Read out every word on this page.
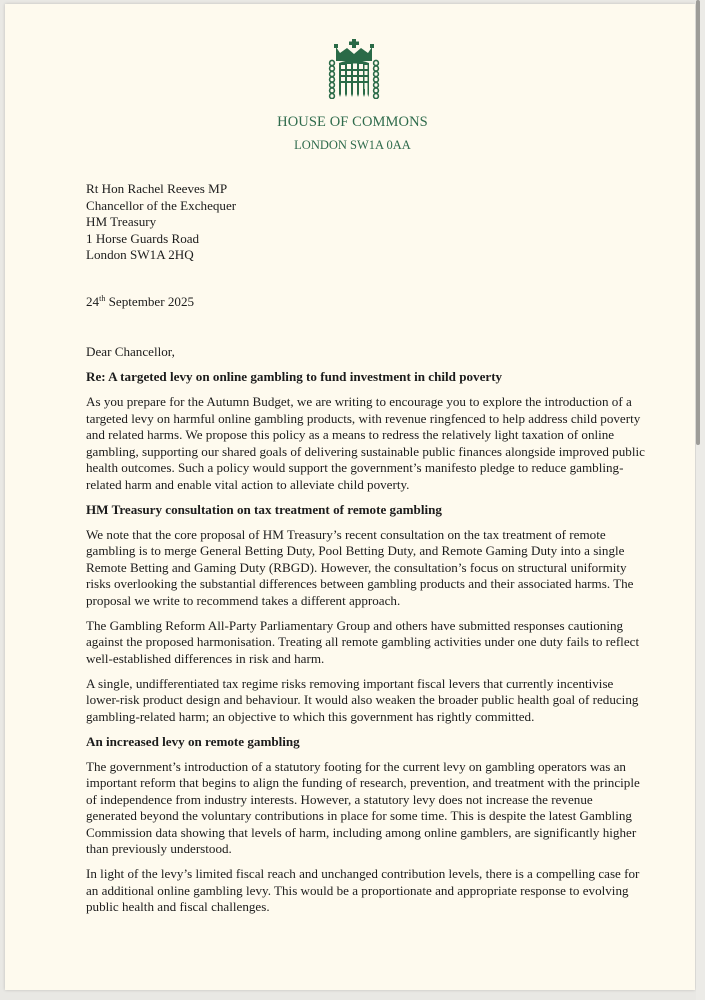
HOUSE OF COMMONS
LONDON SW1A 0AA
Rt Hon Rachel Reeves MP
Chancellor of the Exchequer
HM Treasury
1 Horse Guards Road
London SW1A 2HQ
24th September 2025

Dear Chancellor,

Re: A targeted levy on online gambling to fund investment in child poverty

As you prepare for the Autumn Budget, we are writing to encourage you to explore the introduction of a targeted levy on harmful online gambling products, with revenue ringfenced to help address child poverty and related harms. We propose this policy as a means to redress the relatively light taxation of online gambling, supporting our shared goals of delivering sustainable public finances alongside improved public health outcomes. Such a policy would support the government’s manifesto pledge to reduce gambling-related harm and enable vital action to alleviate child poverty.

HM Treasury consultation on tax treatment of remote gambling

We note that the core proposal of HM Treasury’s recent consultation on the tax treatment of remote gambling is to merge General Betting Duty, Pool Betting Duty, and Remote Gaming Duty into a single Remote Betting and Gaming Duty (RBGD). However, the consultation’s focus on structural uniformity risks overlooking the substantial differences between gambling products and their associated harms. The proposal we write to recommend takes a different approach.

The Gambling Reform All-Party Parliamentary Group and others have submitted responses cautioning against the proposed harmonisation. Treating all remote gambling activities under one duty fails to reflect well-established differences in risk and harm.

A single, undifferentiated tax regime risks removing important fiscal levers that currently incentivise lower-risk product design and behaviour. It would also weaken the broader public health goal of reducing gambling-related harm; an objective to which this government has rightly committed.

An increased levy on remote gambling

The government’s introduction of a statutory footing for the current levy on gambling operators was an important reform that begins to align the funding of research, prevention, and treatment with the principle of independence from industry interests. However, a statutory levy does not increase the revenue generated beyond the voluntary contributions in place for some time. This is despite the latest Gambling Commission data showing that levels of harm, including among online gamblers, are significantly higher than previously understood.

In light of the levy’s limited fiscal reach and unchanged contribution levels, there is a compelling case for an additional online gambling levy. This would be a proportionate and appropriate response to evolving public health and fiscal challenges.
